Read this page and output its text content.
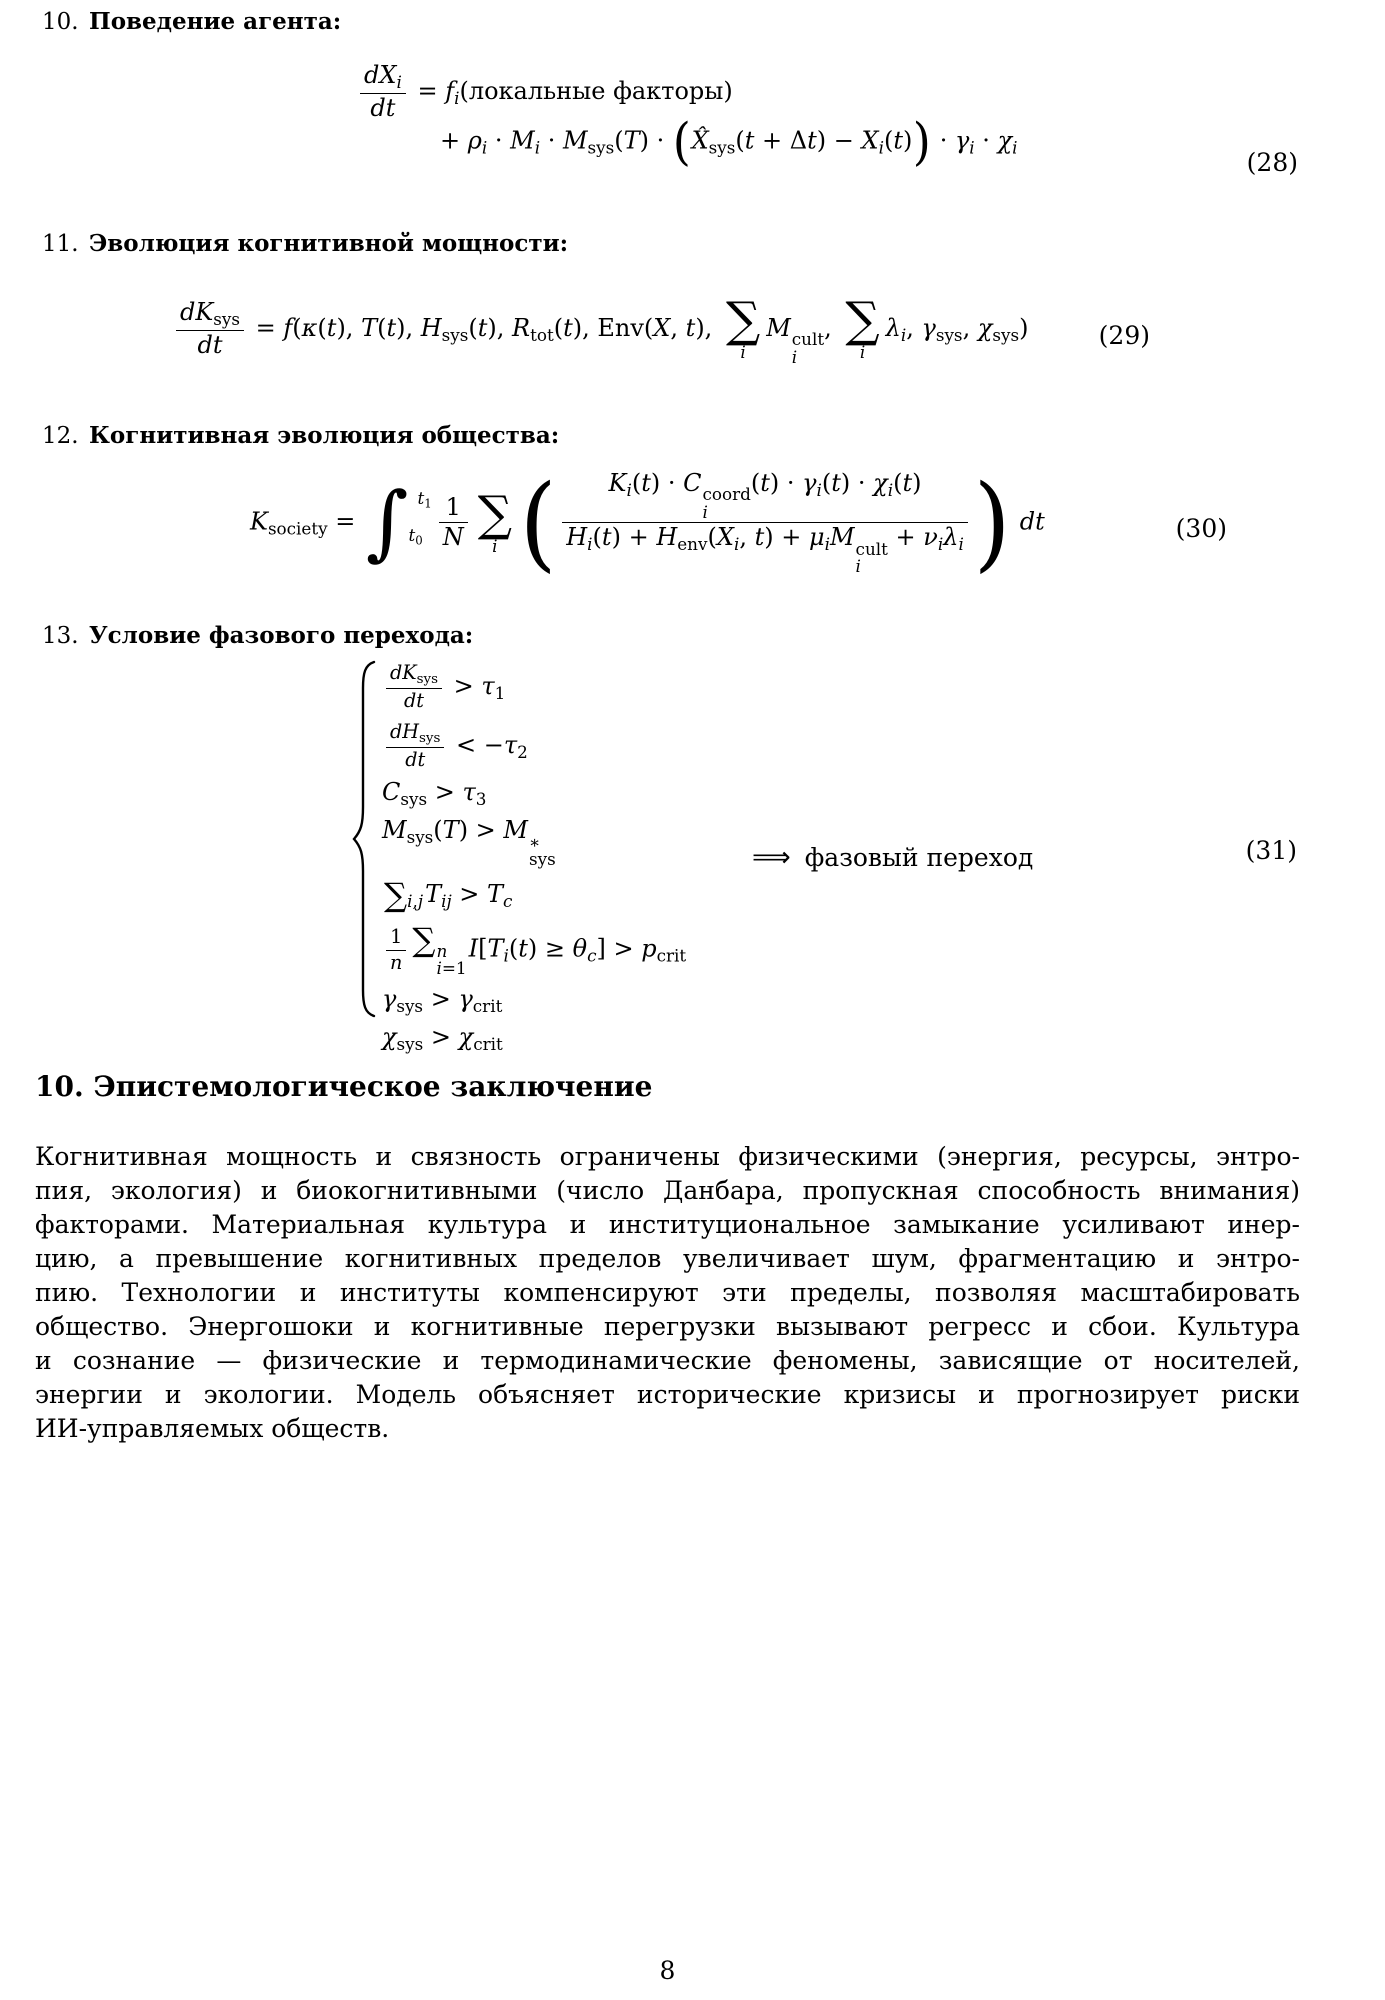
10. Поведение агента:
$\frac{dX_i}{dt}$ = $f_i(локальные$ факторы)
+ $\rho_i \cdot M_i \cdot M_{sys}(T)$ · $(X̂_{sys}(t + \Delta t) - X_i(t)) \cdot \gamma_i \cdot \chi_i$
(28)
11. Эволюция когнитивной мощности:
$\frac{dK_{sys}}{dt} = f(\kappa(t)$, T(t), $H_{sys}(t)$, $R_{tot}(t)$, Env(X, t), ∑
i
M cult
i
, ∑
i
$\lambda_i$, $\gamma_{sys}$, $\chi_{sys}$)	(29)
12. Когнитивная эволюция общества:
$K_{society}$ = ∫ $t_1$
$t_0 \frac{1}{N}$ ∑
i ( $K_i(t) \cdot C$ coord
i
$(t) \cdot \gamma_i(t) \cdot \chi_i(t)$
$H_i(t) + H_{env}(X_i$, $t) + \mu_iM$ cult
i
+ $\nu_i\lambda_i$ ) dt	(30)
13. Условие фазового перехода:
$\frac{dK_{sys}}{dt} > \tau_1$
$\frac{dH_{sys}}{dt} < -\tau_2$
$C_{sys} > \tau_3$
$M_{sys}(T) > M$ ∗
sys
$\sum_{i,j}T_{ij} > T_c$
$\frac{1}{n}$ ∑ n
i=1
$I[T_i(t) \ge \theta_c] > p_{crit}$
$\gamma_{sys} > \gamma_{crit}$
$\chi_{sys} > \chi_{crit}$
⟹ фазовый переход	(31)
10. Эпистемологическое заключение
Когнитивная мощность и связность ограничены физическими (энергия, ресурсы, энтро-
пия, экология) и биокогнитивными (число Данбара, пропускная способность внимания)
факторами. Материальная культура и институциональное замыкание усиливают инер-
цию, а превышение когнитивных пределов увеличивает шум, фрагментацию и энтро-
пию. Технологии и институты компенсируют эти пределы, позволяя масштабировать
общество. Энергошоки и когнитивные перегрузки вызывают регресс и сбои. Культура
и сознание — физические и термодинамические феномены, зависящие от носителей,
энергии и экологии. Модель объясняет исторические кризисы и прогнозирует риски
ИИ-управляемых обществ.
8
